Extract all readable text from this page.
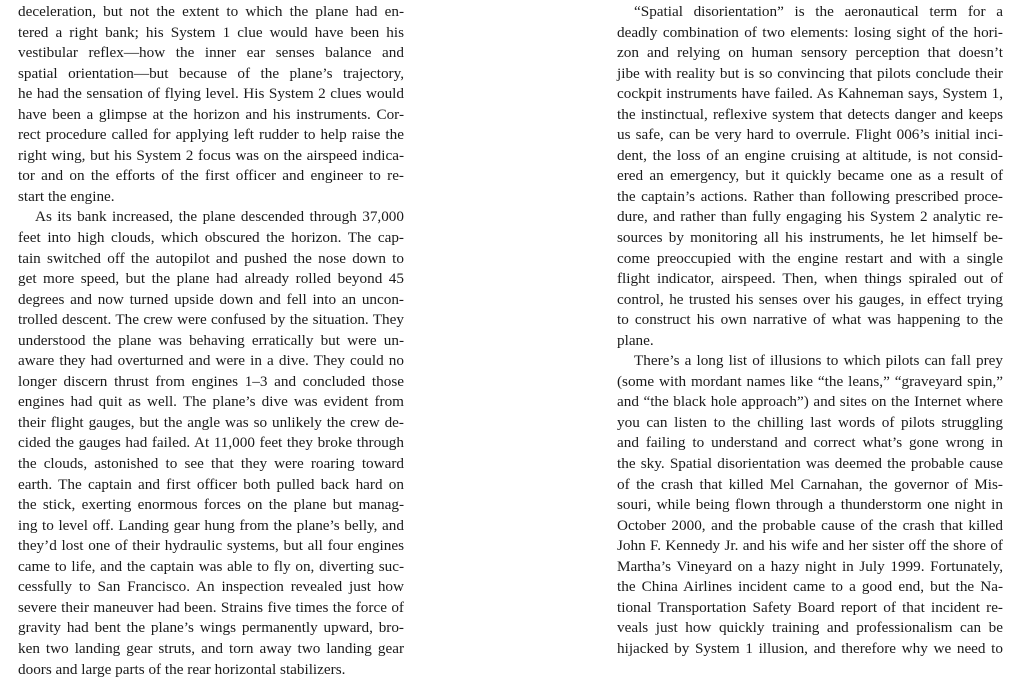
deceleration, but not the extent to which the plane had en-
tered a right bank; his System 1 clue would have been his
vestibular reflex—how the inner ear senses balance and
spatial orientation—but because of the plane’s trajectory,
he had the sensation of flying level. His System 2 clues would
have been a glimpse at the horizon and his instruments. Cor-
rect procedure called for applying left rudder to help raise the
right wing, but his System 2 focus was on the airspeed indica-
tor and on the efforts of the first officer and engineer to re-
start the engine.
As its bank increased, the plane descended through 37,000
feet into high clouds, which obscured the horizon. The cap-
tain switched off the autopilot and pushed the nose down to
get more speed, but the plane had already rolled beyond 45
degrees and now turned upside down and fell into an uncon-
trolled descent. The crew were confused by the situation. They
understood the plane was behaving erratically but were un-
aware they had overturned and were in a dive. They could no
longer discern thrust from engines 1–3 and concluded those
engines had quit as well. The plane’s dive was evident from
their flight gauges, but the angle was so unlikely the crew de-
cided the gauges had failed. At 11,000 feet they broke through
the clouds, astonished to see that they were roaring toward
earth. The captain and first officer both pulled back hard on
the stick, exerting enormous forces on the plane but manag-
ing to level off. Landing gear hung from the plane’s belly, and
they’d lost one of their hydraulic systems, but all four engines
came to life, and the captain was able to fly on, diverting suc-
cessfully to San Francisco. An inspection revealed just how
severe their maneuver had been. Strains five times the force of
gravity had bent the plane’s wings permanently upward, bro-
ken two landing gear struts, and torn away two landing gear
doors and large parts of the rear horizontal stabilizers.
“Spatial disorientation” is the aeronautical term for a
deadly combination of two elements: losing sight of the hori-
zon and relying on human sensory perception that doesn’t
jibe with reality but is so convincing that pilots conclude their
cockpit instruments have failed. As Kahneman says, System 1,
the instinctual, reflexive system that detects danger and keeps
us safe, can be very hard to overrule. Flight 006’s initial inci-
dent, the loss of an engine cruising at altitude, is not consid-
ered an emergency, but it quickly became one as a result of
the captain’s actions. Rather than following prescribed proce-
dure, and rather than fully engaging his System 2 analytic re-
sources by monitoring all his instruments, he let himself be-
come preoccupied with the engine restart and with a single
flight indicator, airspeed. Then, when things spiraled out of
control, he trusted his senses over his gauges, in effect trying
to construct his own narrative of what was happening to the
plane.
There’s a long list of illusions to which pilots can fall prey
(some with mordant names like “the leans,” “graveyard spin,”
and “the black hole approach”) and sites on the Internet where
you can listen to the chilling last words of pilots struggling
and failing to understand and correct what’s gone wrong in
the sky. Spatial disorientation was deemed the probable cause
of the crash that killed Mel Carnahan, the governor of Mis-
souri, while being flown through a thunderstorm one night in
October 2000, and the probable cause of the crash that killed
John F. Kennedy Jr. and his wife and her sister off the shore of
Martha’s Vineyard on a hazy night in July 1999. Fortunately,
the China Airlines incident came to a good end, but the Na-
tional Transportation Safety Board report of that incident re-
veals just how quickly training and professionalism can be
hijacked by System 1 illusion, and therefore why we need to
